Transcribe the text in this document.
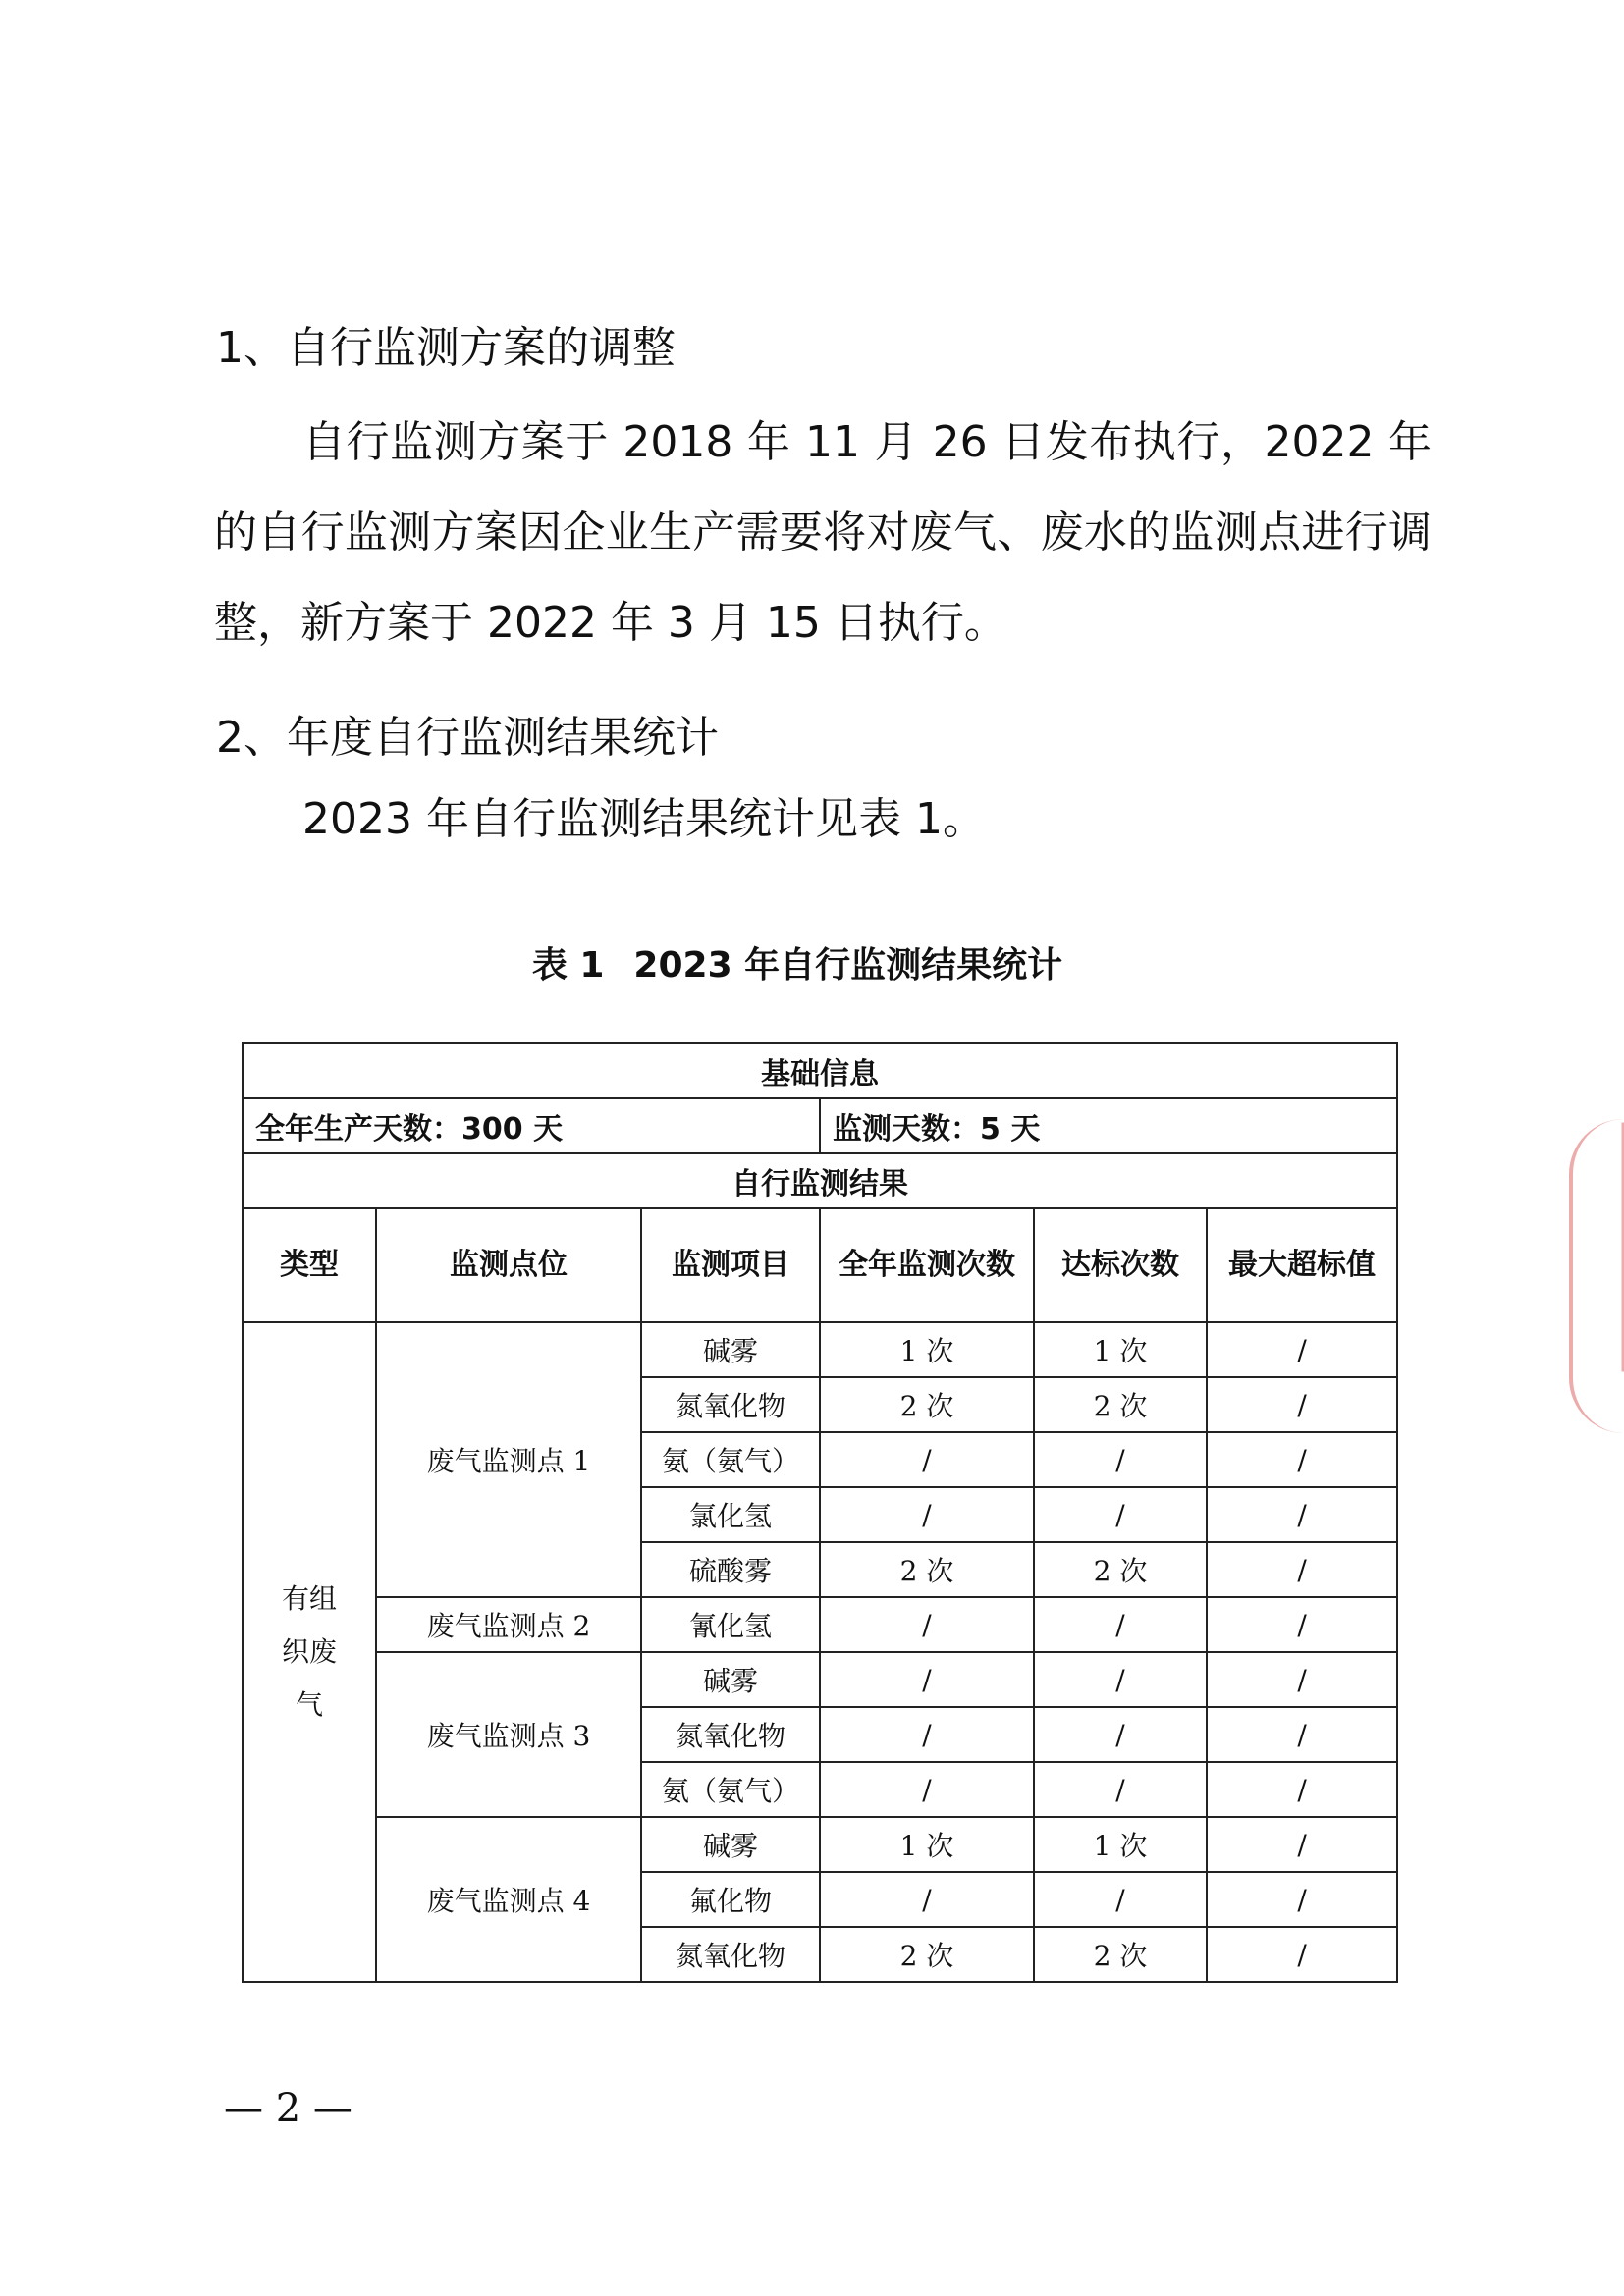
1、自行监测方案的调整
自行监测方案于 2018 年 11 月 26 日发布执行，2022 年的自行监测方案因企业生产需要将对废气、废水的监测点进行调整，新方案于 2022 年 3 月 15 日执行。
2、年度自行监测结果统计
2023 年自行监测结果统计见表 1。
表 1 2023 年自行监测结果统计
基础信息					
全年生产天数：300 天			监测天数：5 天		
自行监测结果					
类型	监测点位	监测项目	全年监测次数	达标次数	最大超标值
有组织废气	废气监测点 1	碱雾	1 次	1 次	/
		氮氧化物	2 次	2 次	/
		氨（氨气）	/	/	/
		氯化氢	/	/	/
		硫酸雾	2 次	2 次	/
	废气监测点 2	氰化氢	/	/	/
	废气监测点 3	碱雾	/	/	/
		氮氧化物	/	/	/
		氨（氨气）	/	/	/
	废气监测点 4	碱雾	1 次	1 次	/
		氟化物	/	/	/
		氮氧化物	2 次	2 次	/
— 2 —
